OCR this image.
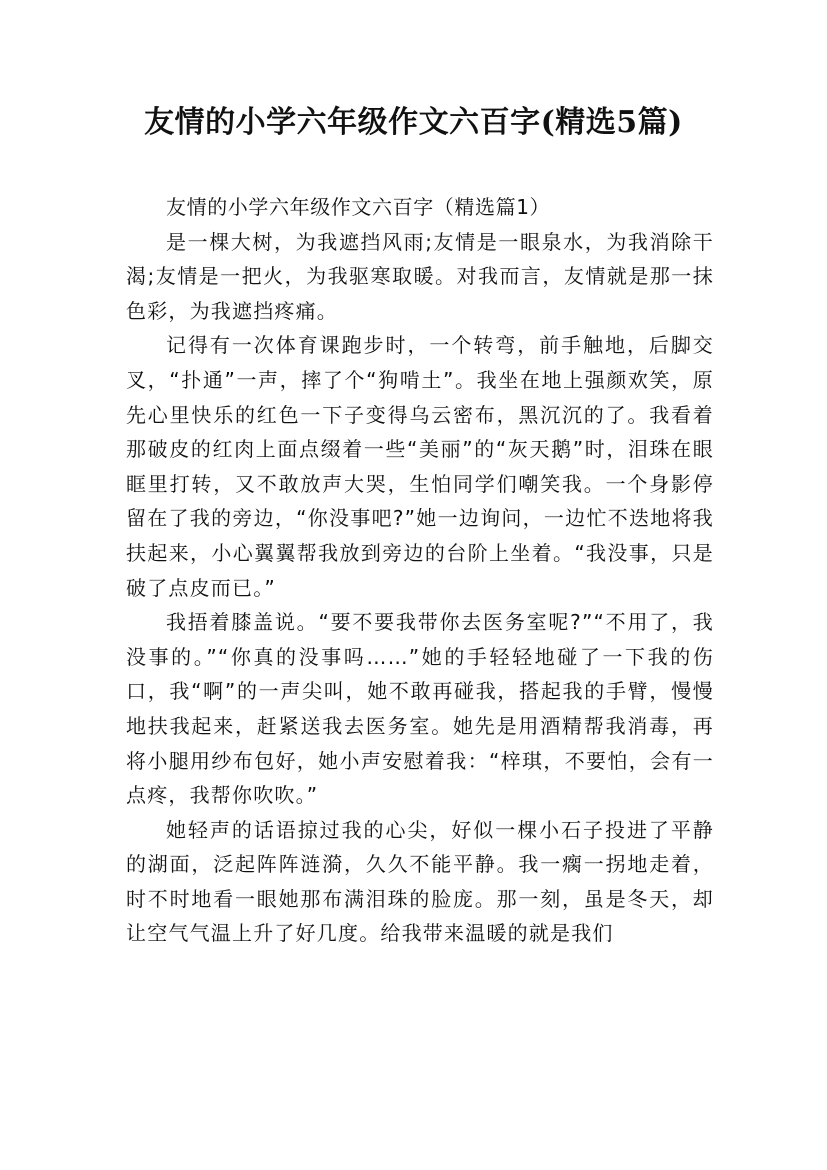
友情的小学六年级作文六百字(精选5篇)

友情的小学六年级作文六百字（精选篇1）

是一棵大树，为我遮挡风雨;友情是一眼泉水，为我消除干渴;友情是一把火，为我驱寒取暖。对我而言，友情就是那一抹色彩，为我遮挡疼痛。

记得有一次体育课跑步时，一个转弯，前手触地，后脚交叉，“扑通”一声，摔了个“狗啃土”。我坐在地上强颜欢笑，原先心里快乐的红色一下子变得乌云密布，黑沉沉的了。我看着那破皮的红肉上面点缀着一些“美丽”的“灰天鹅”时，泪珠在眼眶里打转，又不敢放声大哭，生怕同学们嘲笑我。一个身影停留在了我的旁边，“你没事吧?”她一边询问，一边忙不迭地将我扶起来，小心翼翼帮我放到旁边的台阶上坐着。“我没事，只是破了点皮而已。”

我捂着膝盖说。“要不要我带你去医务室呢?”“不用了，我没事的。”“你真的没事吗……”她的手轻轻地碰了一下我的伤口，我“啊”的一声尖叫，她不敢再碰我，搭起我的手臂，慢慢地扶我起来，赶紧送我去医务室。她先是用酒精帮我消毒，再将小腿用纱布包好，她小声安慰着我：“梓琪，不要怕，会有一点疼，我帮你吹吹。”

她轻声的话语掠过我的心尖，好似一棵小石子投进了平静的湖面，泛起阵阵涟漪，久久不能平静。我一瘸一拐地走着，时不时地看一眼她那布满泪珠的脸庞。那一刻，虽是冬天，却让空气气温上升了好几度。给我带来温暖的就是我们
